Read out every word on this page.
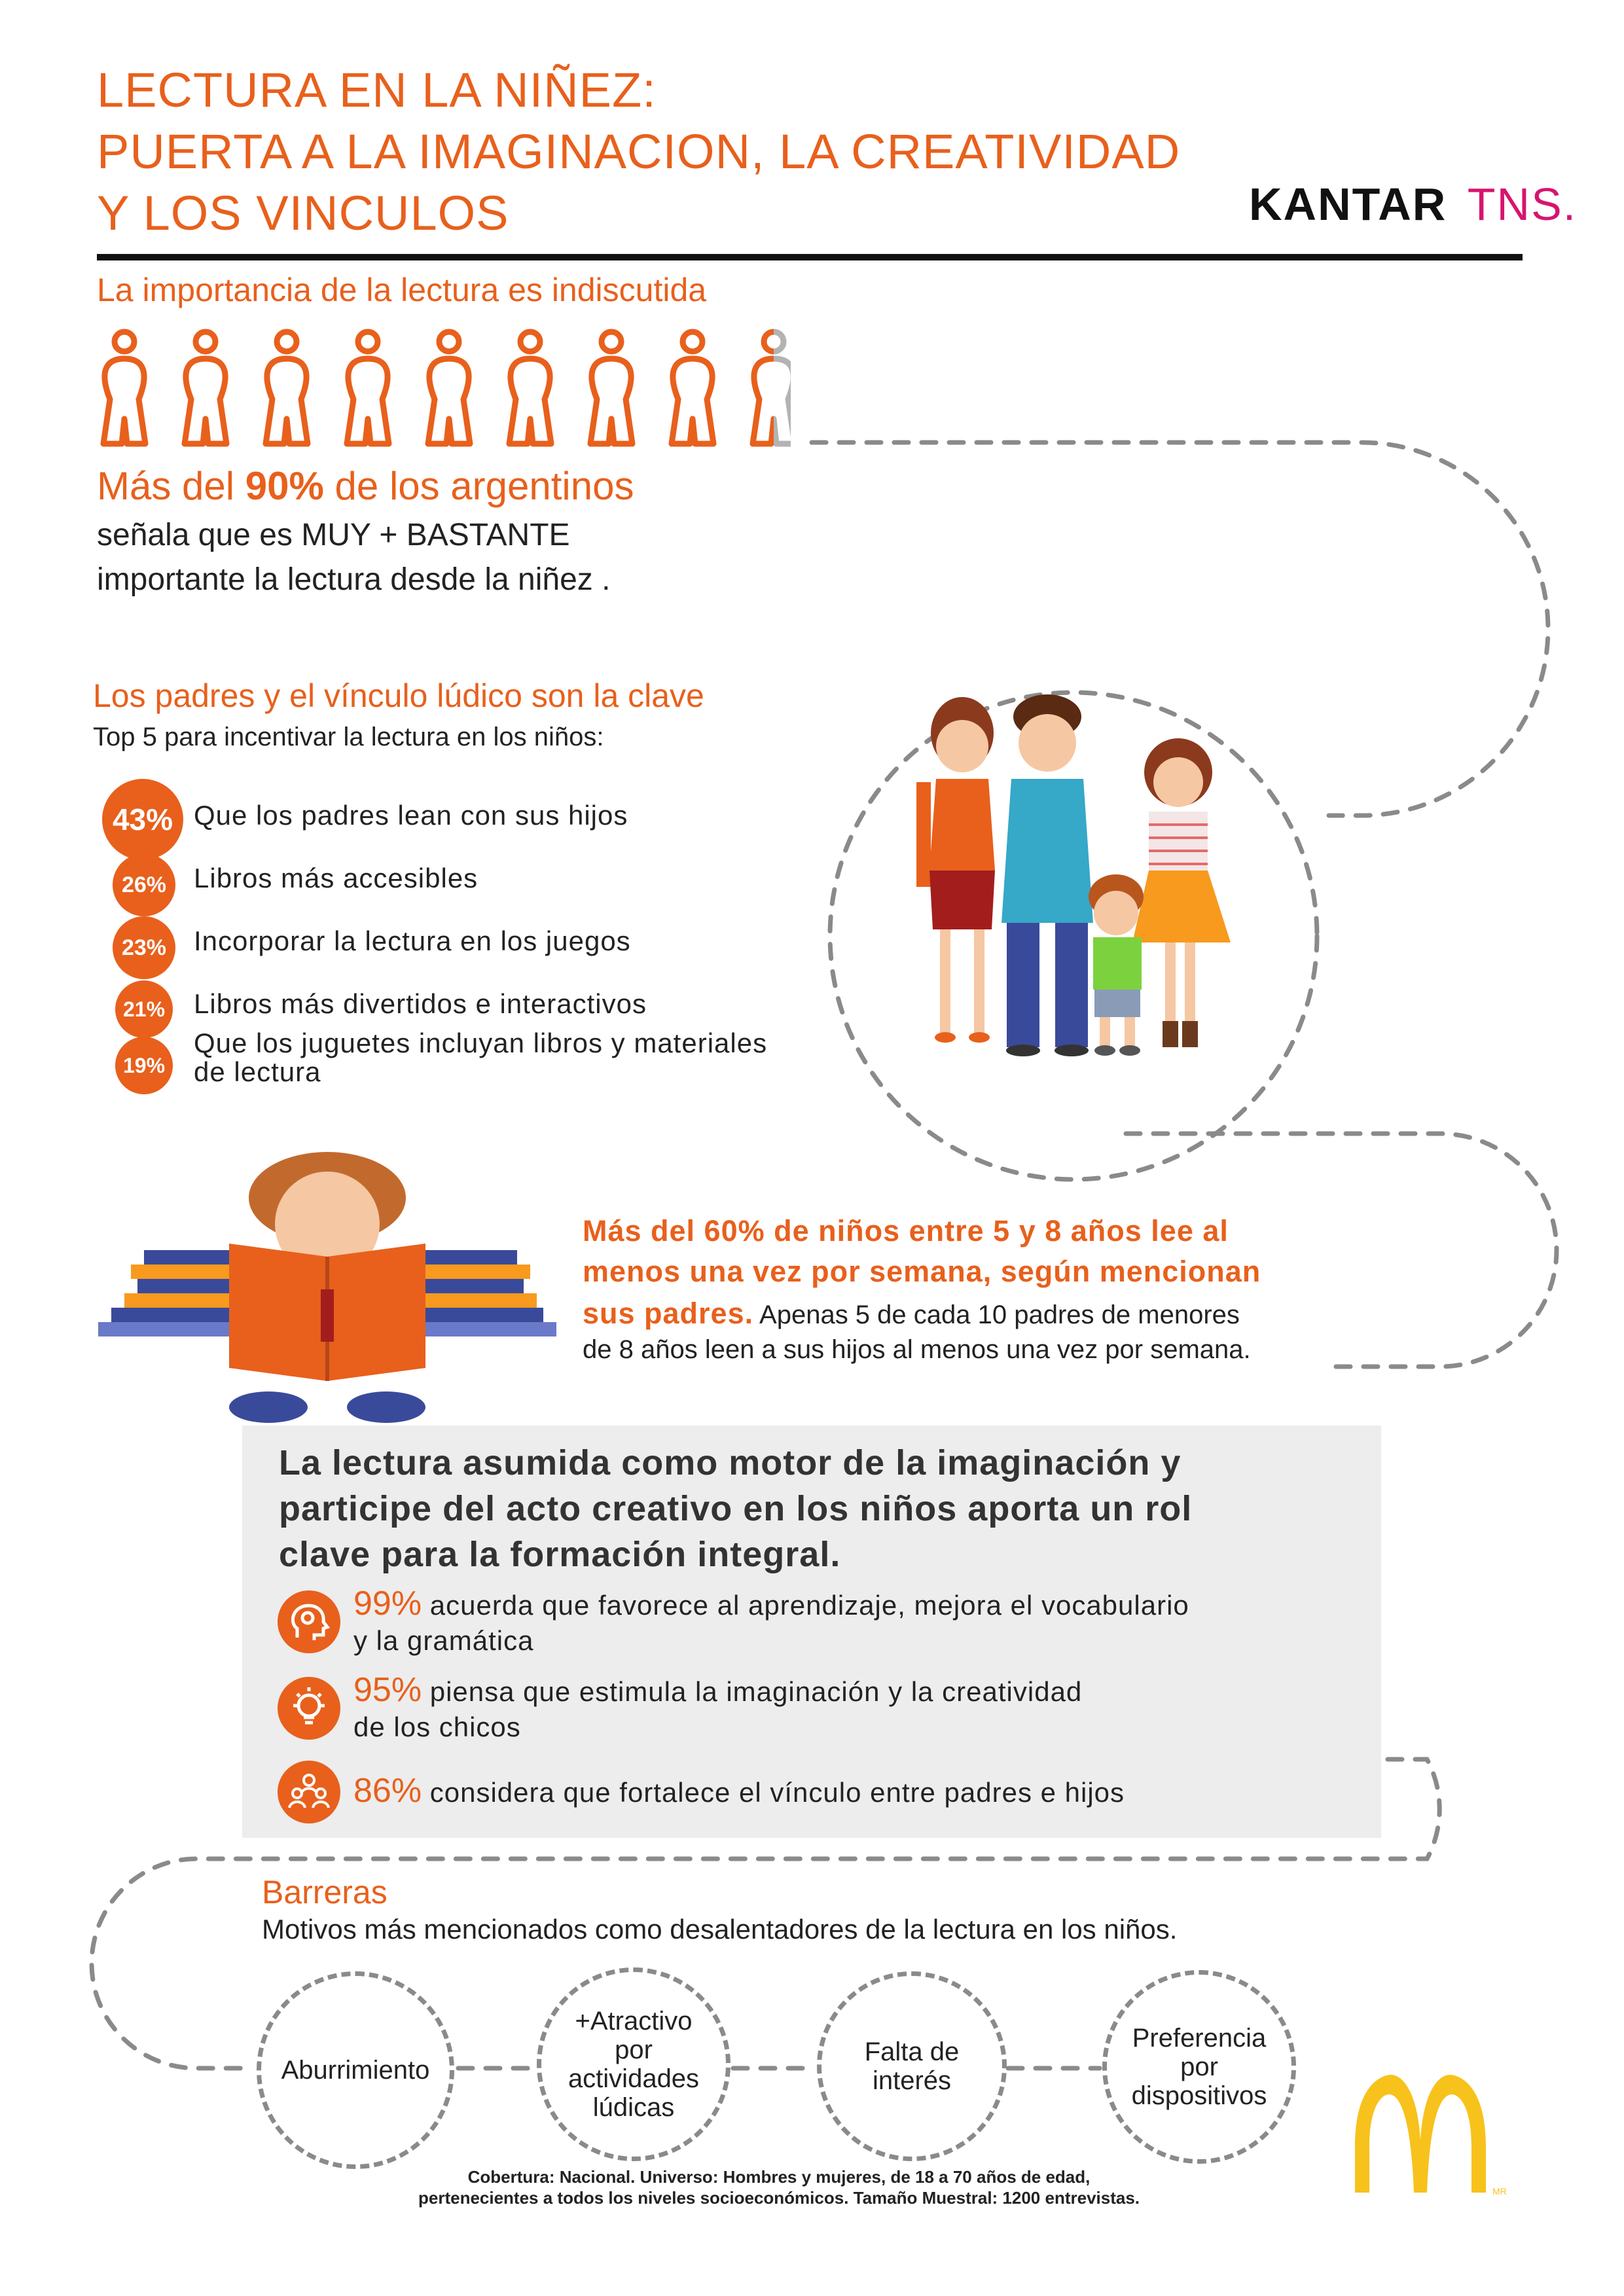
LECTURA EN LA NIÑEZ:
PUERTA A LA IMAGINACION, LA CREATIVIDAD
Y LOS VINCULOS	KANTAR TNS.
La importancia de la lectura es indiscutida
Más del 90% de los argentinos
señala que es MUY + BASTANTE
importante la lectura desde la niñez .
Los padres y el vínculo lúdico son la clave
Top 5 para incentivar la lectura en los niños:
43% Que los padres lean con sus hijos
26% Libros más accesibles
23% Incorporar la lectura en los juegos
21% Libros más divertidos e interactivos
19%
Que los juguetes incluyan libros y materiales
de lectura
Más del 60% de niños entre 5 y 8 años lee al
menos una vez por semana, según mencionan
sus padres. Apenas 5 de cada 10 padres de menores
de 8 años leen a sus hijos al menos una vez por semana.
La lectura asumida como motor de la imaginación y
participe del acto creativo en los niños aporta un rol
clave para la formación integral.
99% acuerda que favorece al aprendizaje, mejora el vocabulario
y la gramática
95% piensa que estimula la imaginación y la creatividad
de los chicos
86% considera que fortalece el vínculo entre padres e hijos
Barreras
Motivos más mencionados como desalentadores de la lectura en los niños.
Aburrimiento
+Atractivo
por
actividades
lúdicas
Falta de
interés
Preferencia
por
dispositivos
Cobertura: Nacional. Universo: Hombres y mujeres, de 18 a 70 años de edad,
pertenecientes a todos los niveles socioeconómicos. Tamaño Muestral: 1200 entrevistas.	MR
